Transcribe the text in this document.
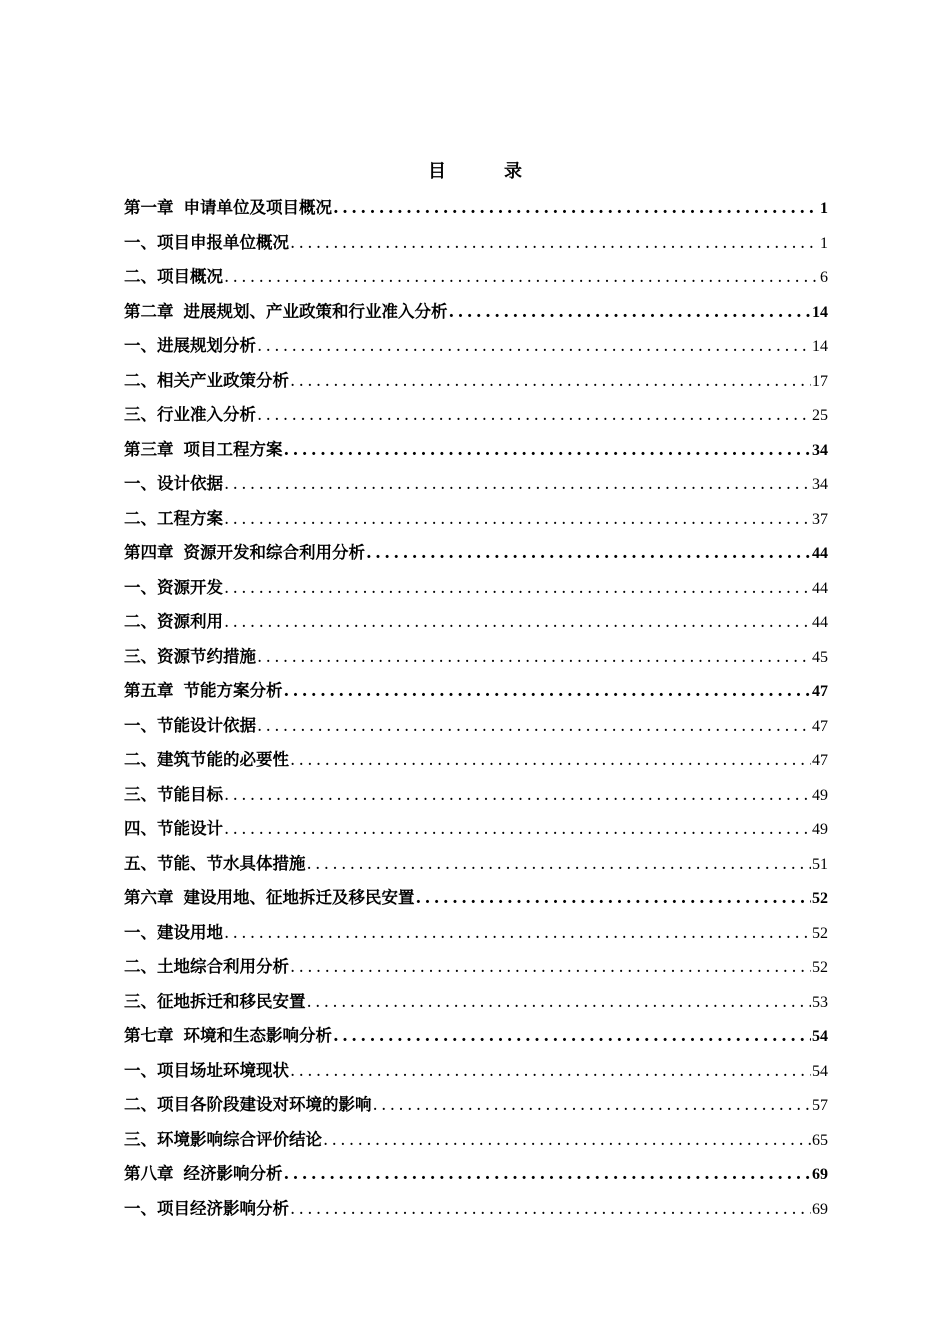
目　录
第一章 申请单位及项目概况 .....	1
一、项目申报单位概况 .....	1
二、项目概况 .....	6
第二章 进展规划、产业政策和行业准入分析 .....	14
一、进展规划分析 .....	14
二、相关产业政策分析 .....	17
三、行业准入分析 .....	25
第三章 项目工程方案 .....	34
一、设计依据 .....	34
二、工程方案 .....	37
第四章 资源开发和综合利用分析 .....	44
一、资源开发 .....	44
二、资源利用 .....	44
三、资源节约措施 .....	45
第五章 节能方案分析 .....	47
一、节能设计依据 .....	47
二、建筑节能的必要性 .....	47
三、节能目标 .....	49
四、节能设计 .....	49
五、节能、节水具体措施 .....	51
第六章 建设用地、征地拆迁及移民安置 .....	52
一、建设用地 .....	52
二、土地综合利用分析 .....	52
三、征地拆迁和移民安置 .....	53
第七章 环境和生态影响分析 .....	54
一、项目场址环境现状 .....	54
二、项目各阶段建设对环境的影响 .....	57
三、环境影响综合评价结论 .....	65
第八章 经济影响分析 .....	69
一、项目经济影响分析 .....	69
